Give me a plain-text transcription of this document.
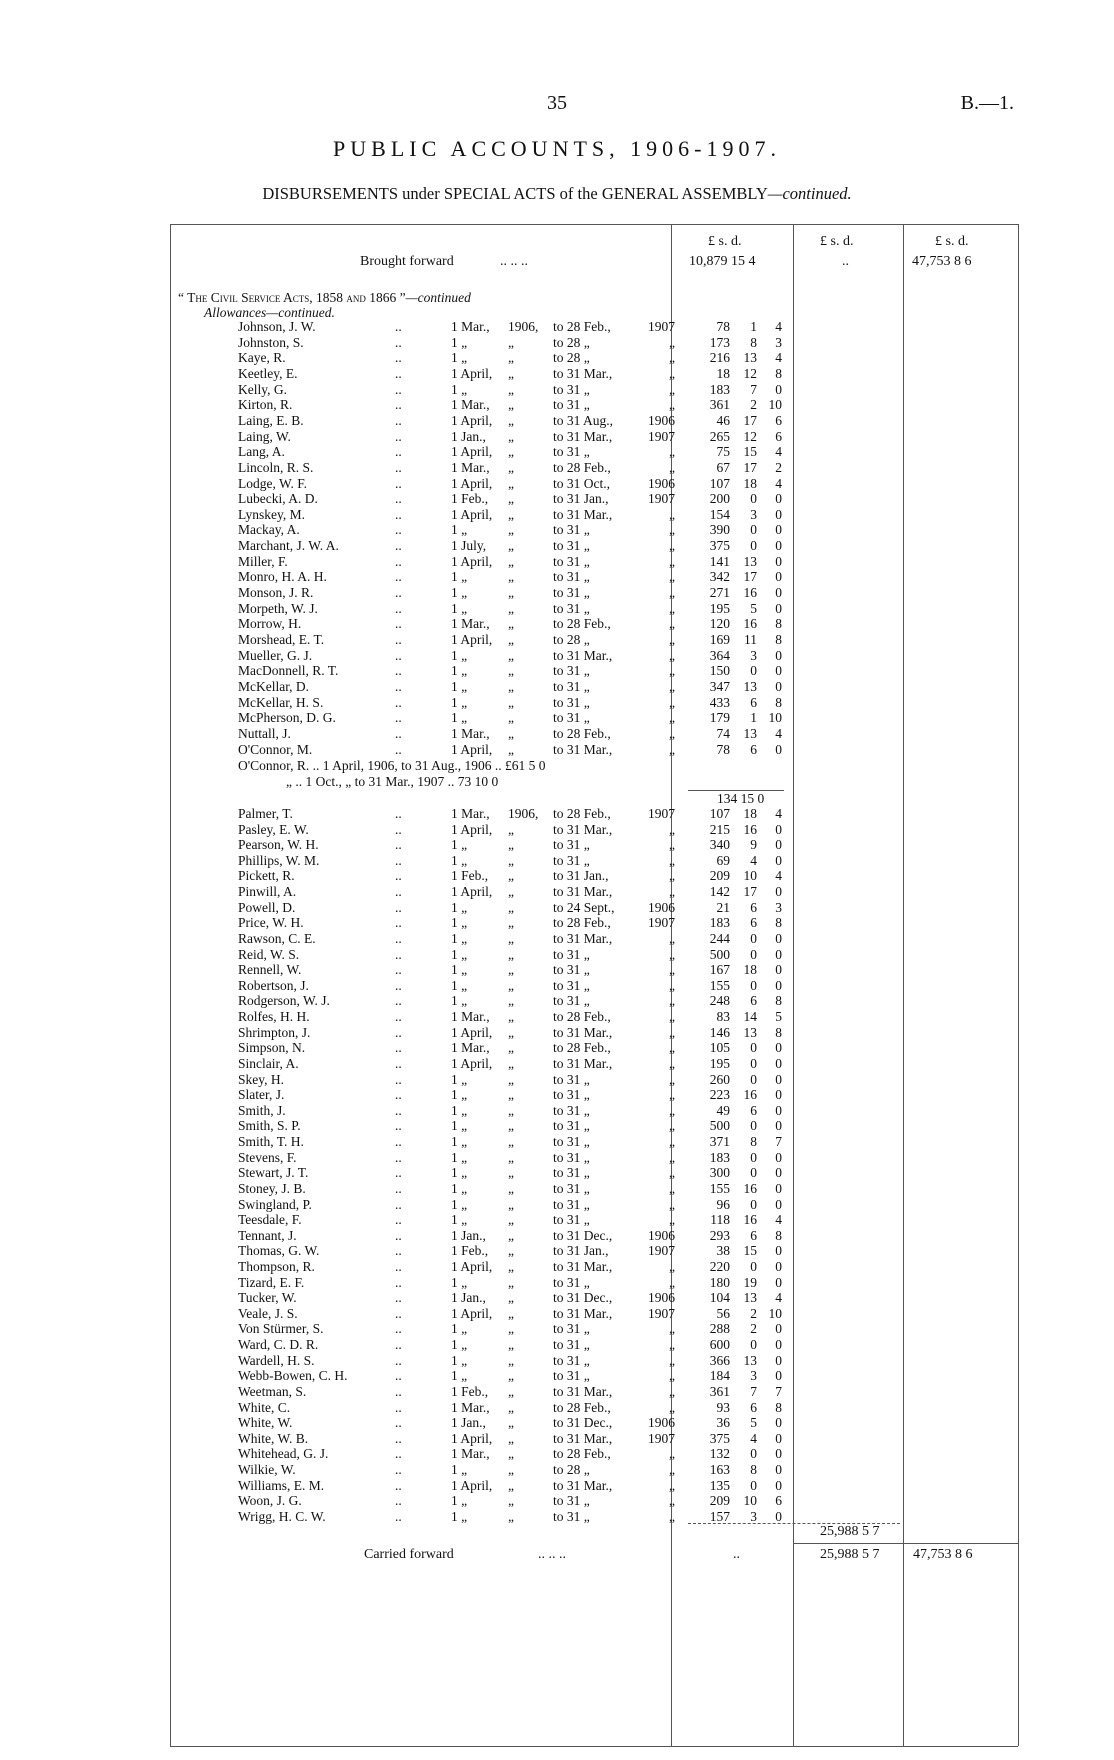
35	B.—1.
PUBLIC ACCOUNTS, 1906-1907.
DISBURSEMENTS under SPECIAL ACTS of the GENERAL ASSEMBLY—continued.
£ s. d.	£ s. d.	£ s. d.
Brought forward	.. .. ..	10,879 15 4	..	47,753 8 6
“ The Civil Service Acts, 1858 and 1866 ”—continued
Allowances—continued.
Johnson, J. W.	..	1 Mar., 1906, to 28 Feb.,	1907	78	1	4
Johnston, S.	..	1 „	„	to 28 „	„	173	8	3
Kaye, R.	..	1 „	„	to 28 „	„	216	13	4
Keetley, E.	..	1 April, „	to 31 Mar.,	„	18	12	8
Kelly, G.	..	1 „	„	to 31 „	„	183	7	0
Kirton, R.	..	1 Mar., „	to 31 „	„	361	2 10
Laing, E. B.	..	1 April, „	to 31 Aug.,	1906	46	17	6
Laing, W.	..	1 Jan., „	to 31 Mar.,	1907	265	12	6
Lang, A.	..	1 April, „	to 31 „	„	75	15	4
Lincoln, R. S.	..	1 Mar., „	to 28 Feb.,	„	67	17	2
Lodge, W. F.	..	1 April, „	to 31 Oct.,	1906	107	18	4
Lubecki, A. D.	..	1 Feb., „	to 31 Jan.,	1907	200	0	0
Lynskey, M.	..	1 April, „	to 31 Mar.,	„	154	3	0
Mackay, A.	..	1 „	„	to 31 „	„	390	0	0
Marchant, J. W. A.	..	1 July, „	to 31 „	„	375	0	0
Miller, F.	..	1 April, „	to 31 „	„	141	13	0
Monro, H. A. H.	..	1 „	„	to 31 „	„	342	17	0
Monson, J. R.	..	1 „	„	to 31 „	„	271	16	0
Morpeth, W. J.	..	1 „	„	to 31 „	„	195	5	0
Morrow, H.	..	1 Mar., „	to 28 Feb.,	„	120	16	8
Morshead, E. T.	..	1 April, „	to 28 „	„	169	11	8
Mueller, G. J.	..	1 „	„	to 31 Mar.,	„	364	3	0
MacDonnell, R. T.	..	1 „	„	to 31 „	„	150	0	0
McKellar, D.	..	1 „	„	to 31 „	„	347	13	0
McKellar, H. S.	..	1 „	„	to 31 „	„	433	6	8
McPherson, D. G.	..	1 „	„	to 31 „	„	179	1 10
Nuttall, J.	..	1 Mar., „	to 28 Feb.,	„	74	13	4
O'Connor, M.	..	1 April, „	to 31 Mar.,	„	78	6	0
O'Connor, R. .. 1 April, 1906, to 31 Aug., 1906 .. £61 5 0
„ .. 1 Oct., „ to 31 Mar., 1907 .. 73 10 0
134 15 0
Palmer, T.	..	1 Mar., 1906, to 28 Feb.,	1907	107	18	4
Pasley, E. W.	..	1 April, „	to 31 Mar.,	„	215	16	0
Pearson, W. H.	..	1 „	„	to 31 „	„	340	9	0
Phillips, W. M.	..	1 „	„	to 31 „	„	69	4	0
Pickett, R.	..	1 Feb., „	to 31 Jan.,	„	209	10	4
Pinwill, A.	..	1 April, „	to 31 Mar.,	„	142	17	0
Powell, D.	..	1 „	„	to 24 Sept., 1906	21	6	3
Price, W. H.	..	1 „	„	to 28 Feb.,	1907	183	6	8
Rawson, C. E.	..	1 „	„	to 31 Mar.,	„	244	0	0
Reid, W. S.	..	1 „	„	to 31 „	„	500	0	0
Rennell, W.	..	1 „	„	to 31 „	„	167	18	0
Robertson, J.	..	1 „	„	to 31 „	„	155	0	0
Rodgerson, W. J.	..	1 „	„	to 31 „	„	248	6	8
Rolfes, H. H.	..	1 Mar., „	to 28 Feb.,	„	83	14	5
Shrimpton, J.	..	1 April, „	to 31 Mar.,	„	146	13	8
Simpson, N.	..	1 Mar., „	to 28 Feb.,	„	105	0	0
Sinclair, A.	..	1 April, „	to 31 Mar.,	„	195	0	0
Skey, H.	..	1 „	„	to 31 „	„	260	0	0
Slater, J.	..	1 „	„	to 31 „	„	223	16	0
Smith, J.	..	1 „	„	to 31 „	„	49	6	0
Smith, S. P.	..	1 „	„	to 31 „	„	500	0	0
Smith, T. H.	..	1 „	„	to 31 „	„	371	8	7
Stevens, F.	..	1 „	„	to 31 „	„	183	0	0
Stewart, J. T.	..	1 „	„	to 31 „	„	300	0	0
Stoney, J. B.	..	1 „	„	to 31 „	„	155	16	0
Swingland, P.	..	1 „	„	to 31 „	„	96	0	0
Teesdale, F.	..	1 „	„	to 31 „	„	118	16	4
Tennant, J.	..	1 Jan., „	to 31 Dec.,	1906	293	6	8
Thomas, G. W.	..	1 Feb., „	to 31 Jan.,	1907	38	15	0
Thompson, R.	..	1 April, „	to 31 Mar.,	„	220	0	0
Tizard, E. F.	..	1 „	„	to 31 „	„	180	19	0
Tucker, W.	..	1 Jan., „	to 31 Dec.,	1906	104	13	4
Veale, J. S.	..	1 April, „	to 31 Mar.,	1907	56	2 10
Von Stürmer, S.	..	1 „	„	to 31 „	„	288	2	0
Ward, C. D. R.	..	1 „	„	to 31 „	„	600	0	0
Wardell, H. S.	..	1 „	„	to 31 „	„	366	13	0
Webb-Bowen, C. H.	..	1 „	„	to 31 „	„	184	3	0
Weetman, S.	..	1 Feb., „	to 31 Mar.,	„	361	7	7
White, C.	..	1 Mar., „	to 28 Feb.,	„	93	6	8
White, W.	..	1 Jan., „	to 31 Dec.,	1906	36	5	0
White, W. B.	..	1 April, „	to 31 Mar.,	1907	375	4	0
Whitehead, G. J.	..	1 Mar., „	to 28 Feb.,	„	132	0	0
Wilkie, W.	..	1 „	„	to 28 „	„	163	8	0
Williams, E. M.	..	1 April, „	to 31 Mar.,	„	135	0	0
Woon, J. G.	..	1 „	„	to 31 „	„	209	10	6
Wrigg, H. C. W.	..	1 „	„	to 31 „	„	157	3	0
25,988 5 7
Carried forward	.. .. ..	..	25,988 5 7 47,753 8 6
